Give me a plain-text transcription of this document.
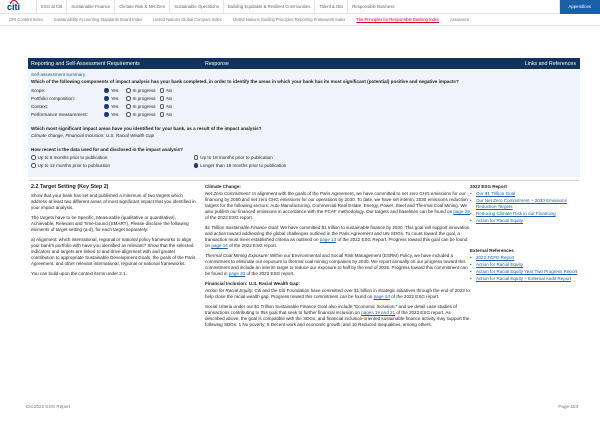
citi	ESG at Citi	Sustainable Finance	Climate Risk & Net Zero	Sustainable Operations	Building Equitable & Resilient Communities	Talent & DEI	Responsible Business	Appendices
GRI Content Index	Sustainability Accounting Standards Board Index	United Nations Global Compact Index	United Nations Guiding Principles Reporting Framework Index	The Principles for Responsible Banking Index	Assurance
Reporting and Self-Assessment Requirements	Response	Links and References
Self-assessment summary
Which of the following components of impact analysis has your bank completed, in order to identify the areas in which your bank has its most significant (potential) positive and negative impacts?
Scope:	Yes	In progress No
Portfolio composition:	Yes	In progress No
Context:	Yes	In progress No
Performance measurement:	Yes	In progress No
Which most significant impact areas have you identified for your bank, as a result of the impact analysis?
Climate change, Financial Inclusion: U.S. Racial Wealth Gap
How recent is the data used for and disclosed in the impact analysis?
Up to 6 months prior to publication	Up to 18 months prior to publication
Up to 12 months prior to publication	Longer than 18 months prior to publication

2.2 Target Setting (Key Step 2)

Show that your bank has set and published a minimum of two targets which address at least two different areas of most significant impact that you identified in your impact analysis.

The targets have to be Specific, Measurable (qualitative or quantitative), Achievable, Relevant and Time-bound (SMART). Please disclose the following elements of target setting (a-d), for each target separately:

a) Alignment: which international, regional or national policy frameworks to align your bank's portfolio with have you identified as relevant? Show that the selected indicators and targets are linked to and drive alignment with and greater contribution to appropriate Sustainable Development Goals, the goals of the Paris Agreement, and other relevant international, regional or national frameworks.

You can build upon the context items under 2.1.

Climate Change:

Net Zero Commitment: In alignment with the goals of the Paris Agreement, we have committed to net zero GHG emissions for our financing by 2050 and net zero GHG emissions for our operations by 2030. To date, we have set interim, 2030 emissions reduction targets for the following sectors: Auto Manufacturing, Commercial Real Estate, Energy, Power, Steel and Thermal Coal Mining. We also publish our financed emissions in accordance with the PCAF methodology. Our targets and baselines can be found on page 29 of the 2022 ESG report.

$1 Trillion Sustainable Finance Goal: We have committed $1 trillion to sustainable finance by 2030. This goal will support innovation and action toward addressing the global challenges outlined in the Paris Agreement and UN SDGs. To count toward the goal, a transaction must meet established criteria as outlined on page 13 of the 2022 ESG Report. Progress toward this goal can be found on page 14 of the 2022 ESG report.

Thermal Coal Mining Exposure: Within our Environmental and Social Risk Management (ESRM) Policy, we have included a commitment to eliminate our exposure to thermal coal mining companies by 2030. We report annually on our progress toward this commitment and include an interim target to reduce our exposure to half by the end of 2025. Progress toward this commitment can be found in page 33 of the 2022 ESG report.

Financial Inclusion: U.S. Racial Wealth Gap:

Action for Racial Equity: Citi and the Citi Foundation have committed over $1 billion in strategic initiatives through the end of 2023 to help close the racial wealth gap. Progress toward this commitment can be found on page 64 of the 2022 ESG report.

Social criteria under our $1 Trillion Sustainable Finance Goal also include "Economic Inclusion," and we detail case studies of transactions contributing to this goal that seek to further financial inclusion on pages 19 and 21 of the 2022 ESG report. As described above, the goal is compatible with the SDGs, and financial inclusion-oriented sustainable finance activity may support the following SDGs: 1 No poverty; 8 Decent work and economic growth; and 10 Reduced inequalities, among others.

2022 ESG Report

• Our $1 Trillion Goal
• Our Net Zero Commitment + 2030 Emissions Reduction Targets
• Reducing Climate Risk in our Financing
• Action for Racial Equity

External References

• 2022 TCFD Report
• Action for Racial Equity
• Action for Racial Equity Year Two Progress Report
• Action for Racial Equity – External Audit Report
Citi 2022 ESG Report	Page 153
